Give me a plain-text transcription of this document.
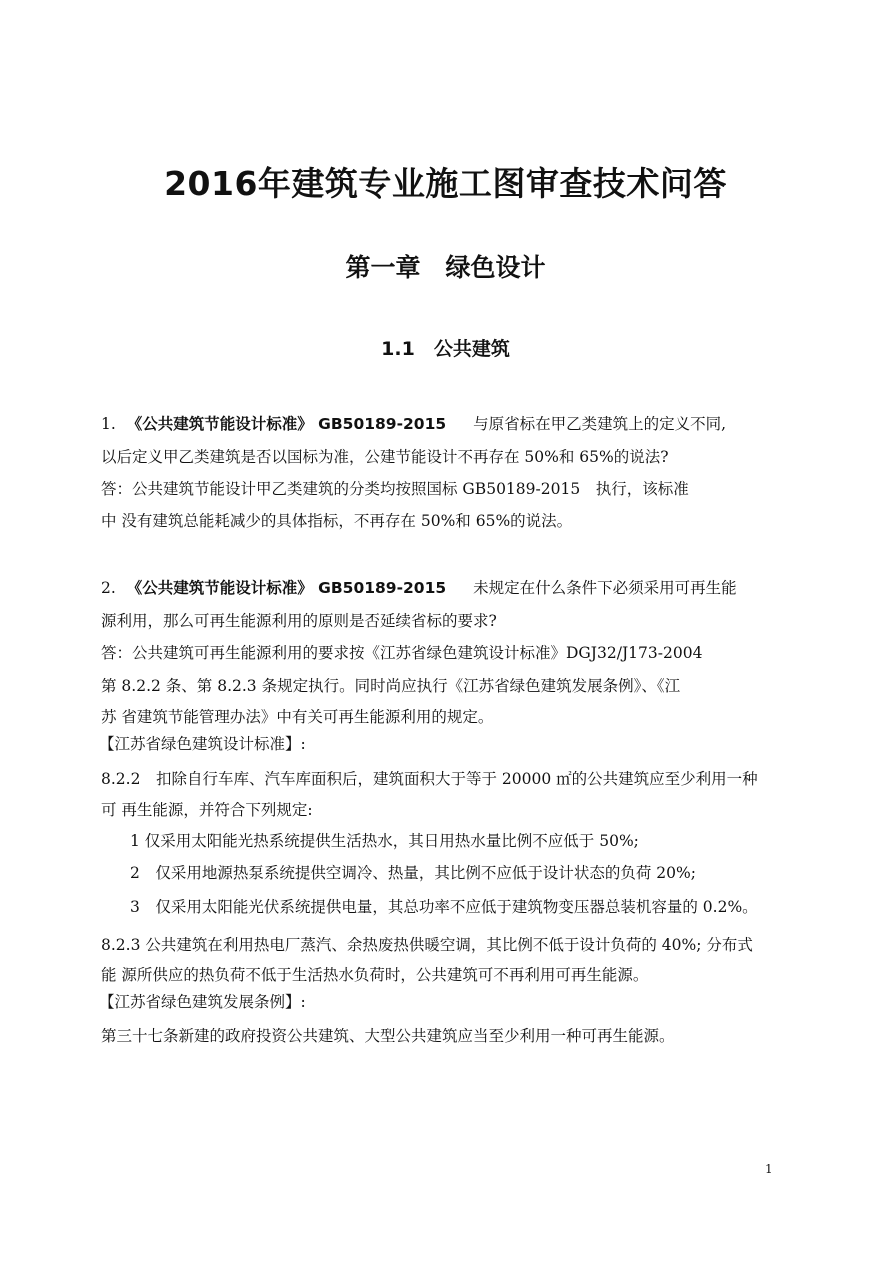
2016年建筑专业施工图审查技术问答
第一章　绿色设计
1.1　公共建筑
1. 《公共建筑节能设计标准》 GB50189-2015 与原省标在甲乙类建筑上的定义不同,
以后定义甲乙类建筑是否以国标为准，公建节能设计不再存在 50%和 65%的说法?
答：公共建筑节能设计甲乙类建筑的分类均按照国标 GB50189-2015　执行，该标准
中 没有建筑总能耗减少的具体指标，不再存在 50%和 65%的说法。
2. 《公共建筑节能设计标准》 GB50189-2015 未规定在什么条件下必须采用可再生能
源利用，那么可再生能源利用的原则是否延续省标的要求?
答：公共建筑可再生能源利用的要求按《江苏省绿色建筑设计标准》DGJ32/J173-2004
第 8.2.2 条、第 8.2.3 条规定执行。同时尚应执行《江苏省绿色建筑发展条例》、《江
苏 省建筑节能管理办法》中有关可再生能源利用的规定。
【江苏省绿色建筑设计标准】:
8.2.2　扣除自行车库、汽车库面积后，建筑面积大于等于 20000 ㎡的公共建筑应至少利用一种
可 再生能源，并符合下列规定:
1 仅采用太阳能光热系统提供生活热水，其日用热水量比例不应低于 50%;
2　仅采用地源热泵系统提供空调冷、热量，其比例不应低于设计状态的负荷 20%;
3　仅采用太阳能光伏系统提供电量，其总功率不应低于建筑物变压器总装机容量的 0.2%。
8.2.3 公共建筑在利用热电厂蒸汽、余热废热供暖空调，其比例不低于设计负荷的 40%; 分布式
能 源所供应的热负荷不低于生活热水负荷时，公共建筑可不再利用可再生能源。
【江苏省绿色建筑发展条例】:
第三十七条新建的政府投资公共建筑、大型公共建筑应当至少利用一种可再生能源。
1
